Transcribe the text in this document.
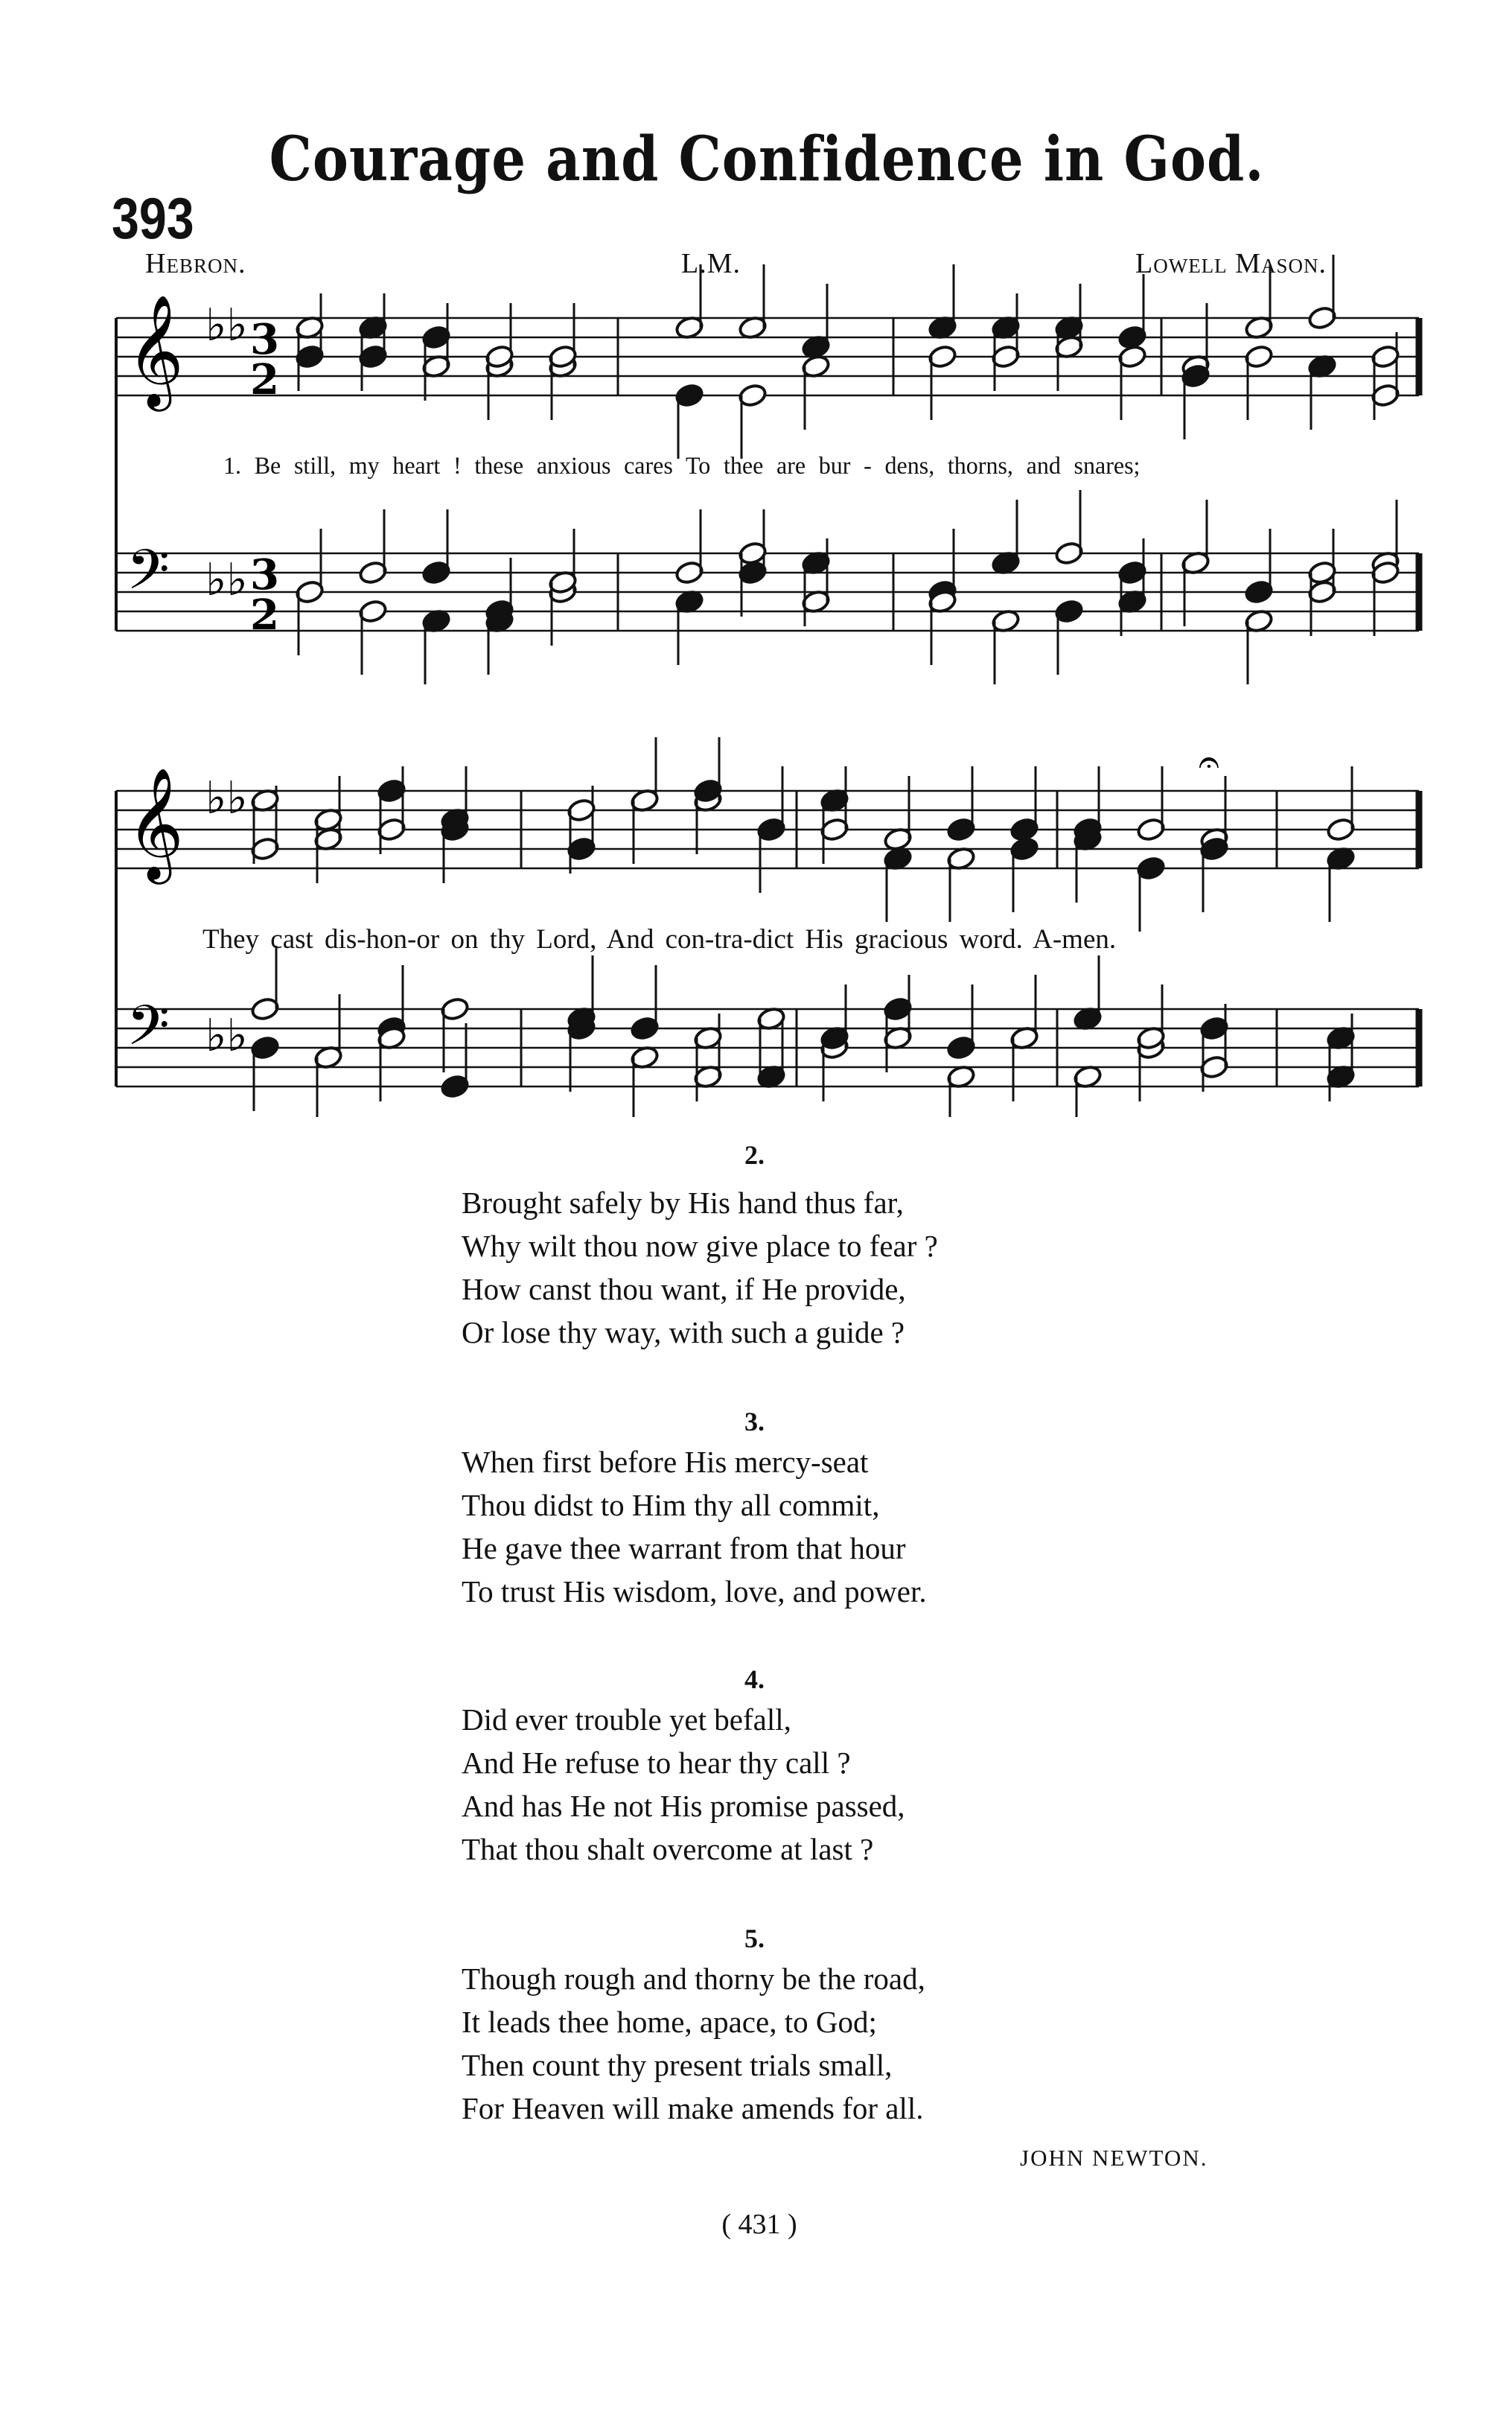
Courage and Confidence in God.
393
Hebron.	L.M.	Lowell Mason.
𝄞 ♭♭ 3
2
𝄢 ♭♭ 3
2
𝄞 ♭♭
𝄢 ♭♭
𝄐
1. Be still, my heart ! these anxious cares To thee are bur - dens, thorns, and snares;
They cast dis-hon-or on thy Lord, And con-tra-dict His gracious word. A-men.
2.
Brought safely by His hand thus far,
Why wilt thou now give place to fear ?
How canst thou want, if He provide,
Or lose thy way, with such a guide ?
3.
When first before His mercy-seat
Thou didst to Him thy all commit,
He gave thee warrant from that hour
To trust His wisdom, love, and power.
4.
Did ever trouble yet befall,
And He refuse to hear thy call ?
And has He not His promise passed,
That thou shalt overcome at last ?
5.
Though rough and thorny be the road,
It leads thee home, apace, to God;
Then count thy present trials small,
For Heaven will make amends for all.
JOHN NEWTON.
( 431 )
